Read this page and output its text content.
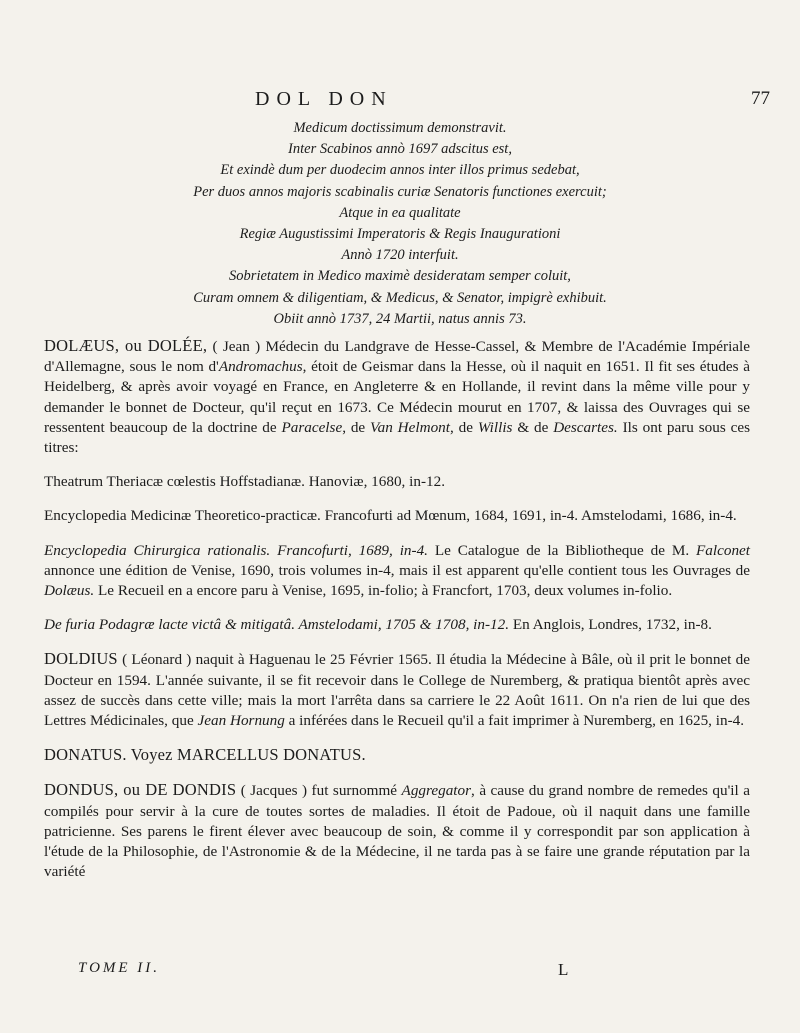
DOL DON	77
Medicum doctissimum demonstravit.
Inter Scabinos annò 1697 adscitus est,
Et exindè dum per duodecim annos inter illos primus sedebat,
Per duos annos majoris scabinalis curiæ Senatoris functiones exercuit;
Atque in ea qualitate
Regiæ Augustissimi Imperatoris & Regis Inaugurationi
Annò 1720 interfuit.
Sobrietatem in Medico maximè desideratam semper coluit,
Curam omnem & diligentiam, & Medicus, & Senator, impigrè exhibuit.
Obiit annò 1737, 24 Martii, natus annis 73.

DOLÆUS, ou DOLÉE, ( Jean ) Médecin du Landgrave de Hesse-Cassel, & Membre de l'Académie Impériale d'Allemagne, sous le nom d'Andromachus, étoit de Geismar dans la Hesse, où il naquit en 1651. Il fit ses études à Heidelberg, & après avoir voyagé en France, en Angleterre & en Hollande, il revint dans la même ville pour y demander le bonnet de Docteur, qu'il reçut en 1673. Ce Médecin mourut en 1707, & laissa des Ouvrages qui se ressentent beaucoup de la doctrine de Paracelse, de Van Helmont, de Willis & de Descartes. Ils ont paru sous ces titres:

Theatrum Theriacæ cœlestis Hoffstadianæ. Hanoviæ, 1680, in-12.

Encyclopedia Medicinæ Theoretico-practicæ. Francofurti ad Mœnum, 1684, 1691, in-4. Amstelodami, 1686, in-4.

Encyclopedia Chirurgica rationalis. Francofurti, 1689, in-4. Le Catalogue de la Bibliotheque de M. Falconet annonce une édition de Venise, 1690, trois volumes in-4, mais il est apparent qu'elle contient tous les Ouvrages de Dolæus. Le Recueil en a encore paru à Venise, 1695, in-folio; à Francfort, 1703, deux volumes in-folio.

De furia Podagræ lacte victâ & mitigatâ. Amstelodami, 1705 & 1708, in-12. En Anglois, Londres, 1732, in-8.

DOLDIUS ( Léonard ) naquit à Haguenau le 25 Février 1565. Il étudia la Médecine à Bâle, où il prit le bonnet de Docteur en 1594. L'année suivante, il se fit recevoir dans le College de Nuremberg, & pratiqua bientôt après avec assez de succès dans cette ville; mais la mort l'arrêta dans sa carriere le 22 Août 1611. On n'a rien de lui que des Lettres Médicinales, que Jean Hornung a inférées dans le Recueil qu'il a fait imprimer à Nuremberg, en 1625, in-4.

DONATUS. Voyez MARCELLUS DONATUS.

DONDUS, ou DE DONDIS ( Jacques ) fut surnommé Aggregator, à cause du grand nombre de remedes qu'il a compilés pour servir à la cure de toutes sortes de maladies. Il étoit de Padoue, où il naquit dans une famille patricienne. Ses parens le firent élever avec beaucoup de soin, & comme il y correspondit par son application à l'étude de la Philosophie, de l'Astronomie & de la Médecine, il ne tarda pas à se faire une grande réputation par la variété

TOME II.	L
